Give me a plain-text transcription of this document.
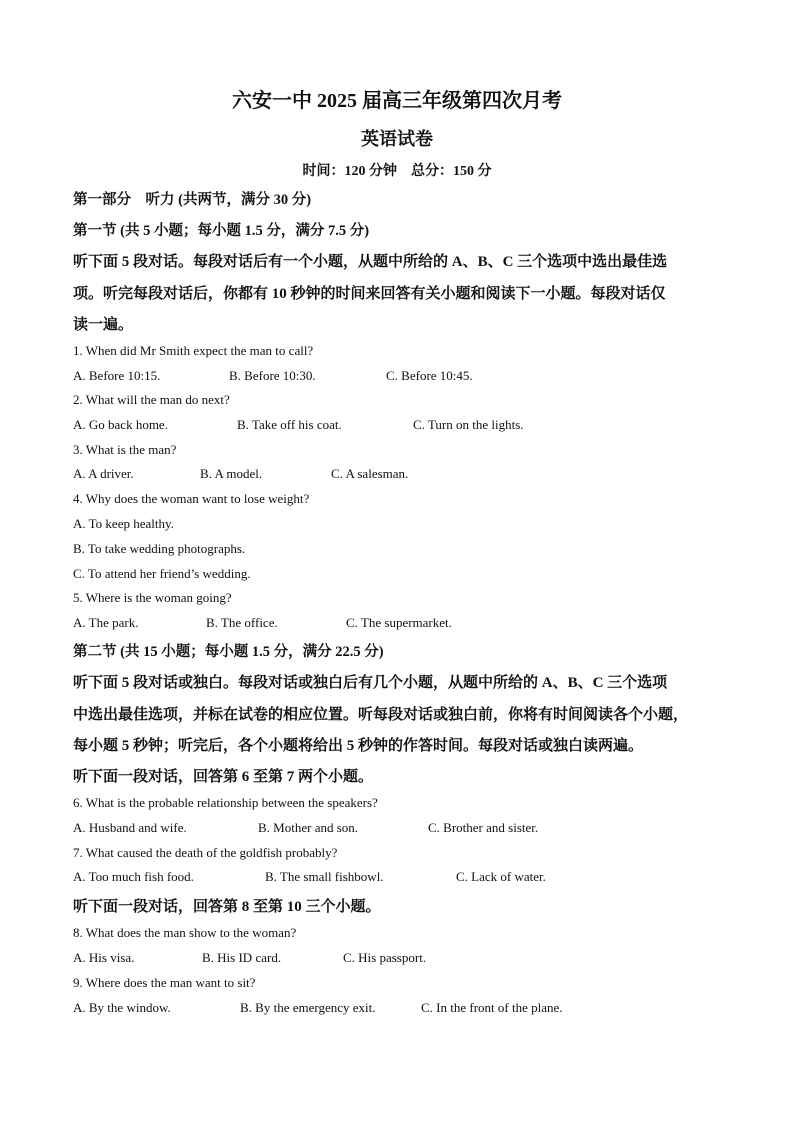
六安一中 2025 届高三年级第四次月考
英语试卷
时间：120 分钟　总分：150 分
第一部分　听力 (共两节，满分 30 分)
第一节 (共 5 小题；每小题 1.5 分，满分 7.5 分)
听下面 5 段对话。每段对话后有一个小题，从题中所给的 A、B、C 三个选项中选出最佳选
项。听完每段对话后，你都有 10 秒钟的时间来回答有关小题和阅读下一小题。每段对话仅
读一遍。
1. When did Mr Smith expect the man to call?
A. Before 10:15.	B. Before 10:30.	C. Before 10:45.
2. What will the man do next?
A. Go back home.	B. Take off his coat.	C. Turn on the lights.
3. What is the man?
A. A driver.	B. A model.	C. A salesman.
4. Why does the woman want to lose weight?
A. To keep healthy.
B. To take wedding photographs.
C. To attend her friend’s wedding.
5. Where is the woman going?
A. The park.	B. The office.	C. The supermarket.
第二节 (共 15 小题；每小题 1.5 分，满分 22.5 分)
听下面 5 段对话或独白。每段对话或独白后有几个小题，从题中所给的 A、B、C 三个选项
中选出最佳选项，并标在试卷的相应位置。听每段对话或独白前，你将有时间阅读各个小题，
每小题 5 秒钟；听完后，各个小题将给出 5 秒钟的作答时间。每段对话或独白读两遍。
听下面一段对话，回答第 6 至第 7 两个小题。
6. What is the probable relationship between the speakers?
A. Husband and wife.	B. Mother and son.	C. Brother and sister.
7. What caused the death of the goldfish probably?
A. Too much fish food.	B. The small fishbowl.	C. Lack of water.
听下面一段对话，回答第 8 至第 10 三个小题。
8. What does the man show to the woman?
A. His visa.	B. His ID card.	C. His passport.
9. Where does the man want to sit?
A. By the window.	B. By the emergency exit.	C. In the front of the plane.
